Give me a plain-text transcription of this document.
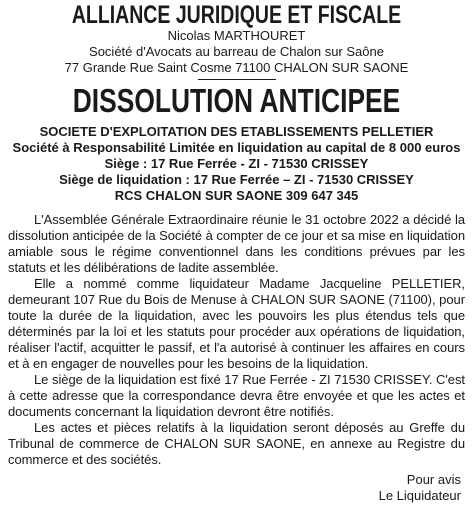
ALLIANCE JURIDIQUE ET FISCALE

Nicolas MARTHOURET

Société d'Avocats au barreau de Chalon sur Saône

77 Grande Rue Saint Cosme 71100 CHALON SUR SAONE

DISSOLUTION ANTICIPEE

SOCIETE D'EXPLOITATION DES ETABLISSEMENTS PELLETIER

Société à Responsabilité Limitée en liquidation au capital de 8 000 euros

Siège : 17 Rue Ferrée - ZI - 71530 CRISSEY

Siège de liquidation : 17 Rue Ferrée – ZI - 71530 CRISSEY

RCS CHALON SUR SAONE 309 647 345

L'Assemblée Générale Extraordinaire réunie le 31 octobre 2022 a décidé la dissolution anticipée de la Société à compter de ce jour et sa mise en liquidation amiable sous le régime conventionnel dans les conditions prévues par les statuts et les délibérations de ladite assemblée.

Elle a nommé comme liquidateur Madame Jacqueline PELLETIER, demeurant 107 Rue du Bois de Menuse à CHALON SUR SAONE (71100), pour toute la durée de la liquidation, avec les pouvoirs les plus étendus tels que déterminés par la loi et les statuts pour procéder aux opérations de liquidation, réaliser l'actif, acquitter le passif, et l'a autorisé à continuer les affaires en cours et à en engager de nouvelles pour les besoins de la liquidation.

Le siège de la liquidation est fixé 17 Rue Ferrée - ZI 71530 CRISSEY. C'est à cette adresse que la correspondance devra être envoyée et que les actes et documents concernant la liquidation devront être notifiés.

Les actes et pièces relatifs à la liquidation seront déposés au Greffe du Tribunal de commerce de CHALON SUR SAONE, en annexe au Registre du commerce et des sociétés.

Pour avis

Le Liquidateur
